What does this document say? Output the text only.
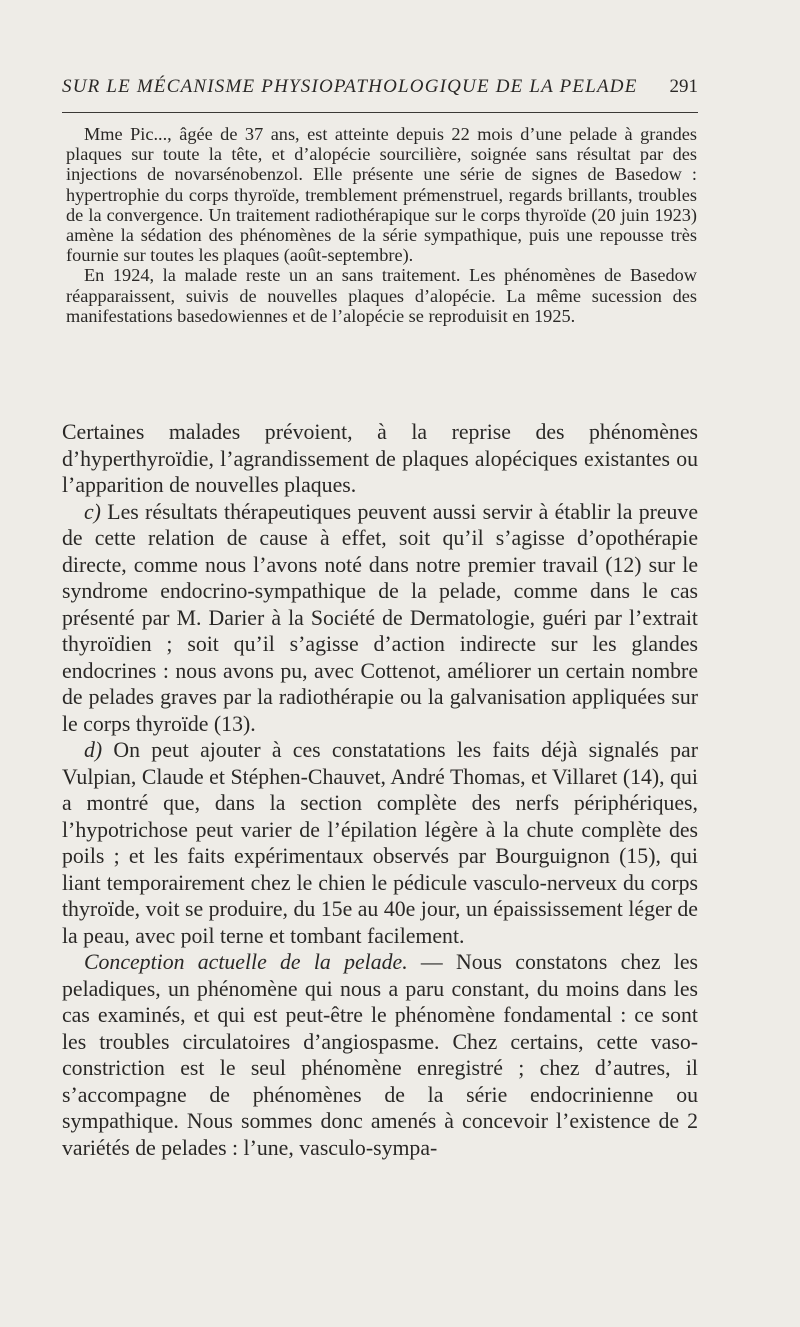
SUR LE MÉCANISME PHYSIOPATHOLOGIQUE DE LA PELADE 291

Mme Pic..., âgée de 37 ans, est atteinte depuis 22 mois d’une pelade à grandes plaques sur toute la tête, et d’alopécie sourcilière, soignée sans résultat par des injections de novarsénobenzol. Elle présente une série de signes de Basedow : hypertrophie du corps thyroïde, tremblement prémenstruel, regards brillants, troubles de la convergence. Un traitement radiothérapique sur le corps thyroïde (20 juin 1923) amène la sédation des phénomènes de la série sympathique, puis une repousse très fournie sur toutes les plaques (août-septembre).

En 1924, la malade reste un an sans traitement. Les phénomènes de Basedow réapparaissent, suivis de nouvelles plaques d’alopécie. La même sucession des manifestations basedowiennes et de l’alopécie se reproduisit en 1925.

Certaines malades prévoient, à la reprise des phénomènes d’hyperthyroïdie, l’agrandissement de plaques alopéciques existantes ou l’apparition de nouvelles plaques.

c) Les résultats thérapeutiques peuvent aussi servir à établir la preuve de cette relation de cause à effet, soit qu’il s’agisse d’opothérapie directe, comme nous l’avons noté dans notre premier travail (12) sur le syndrome endocrino-sympathique de la pelade, comme dans le cas présenté par M. Darier à la Société de Dermatologie, guéri par l’extrait thyroïdien ; soit qu’il s’agisse d’action indirecte sur les glandes endocrines : nous avons pu, avec Cottenot, améliorer un certain nombre de pelades graves par la radiothérapie ou la galvanisation appliquées sur le corps thyroïde (13).

d) On peut ajouter à ces constatations les faits déjà signalés par Vulpian, Claude et Stéphen-Chauvet, André Thomas, et Villaret (14), qui a montré que, dans la section complète des nerfs périphériques, l’hypotrichose peut varier de l’épilation légère à la chute complète des poils ; et les faits expérimentaux observés par Bourguignon (15), qui liant temporairement chez le chien le pédicule vasculo-nerveux du corps thyroïde, voit se produire, du 15e au 40e jour, un épaississement léger de la peau, avec poil terne et tombant facilement.

Conception actuelle de la pelade. — Nous constatons chez les peladiques, un phénomène qui nous a paru constant, du moins dans les cas examinés, et qui est peut-être le phénomène fondamental : ce sont les troubles circulatoires d’angiospasme. Chez certains, cette vaso-constriction est le seul phénomène enregistré ; chez d’autres, il s’accompagne de phénomènes de la série endocrinienne ou sympathique. Nous sommes donc amenés à concevoir l’existence de 2 variétés de pelades : l’une, vasculo-sympa-
